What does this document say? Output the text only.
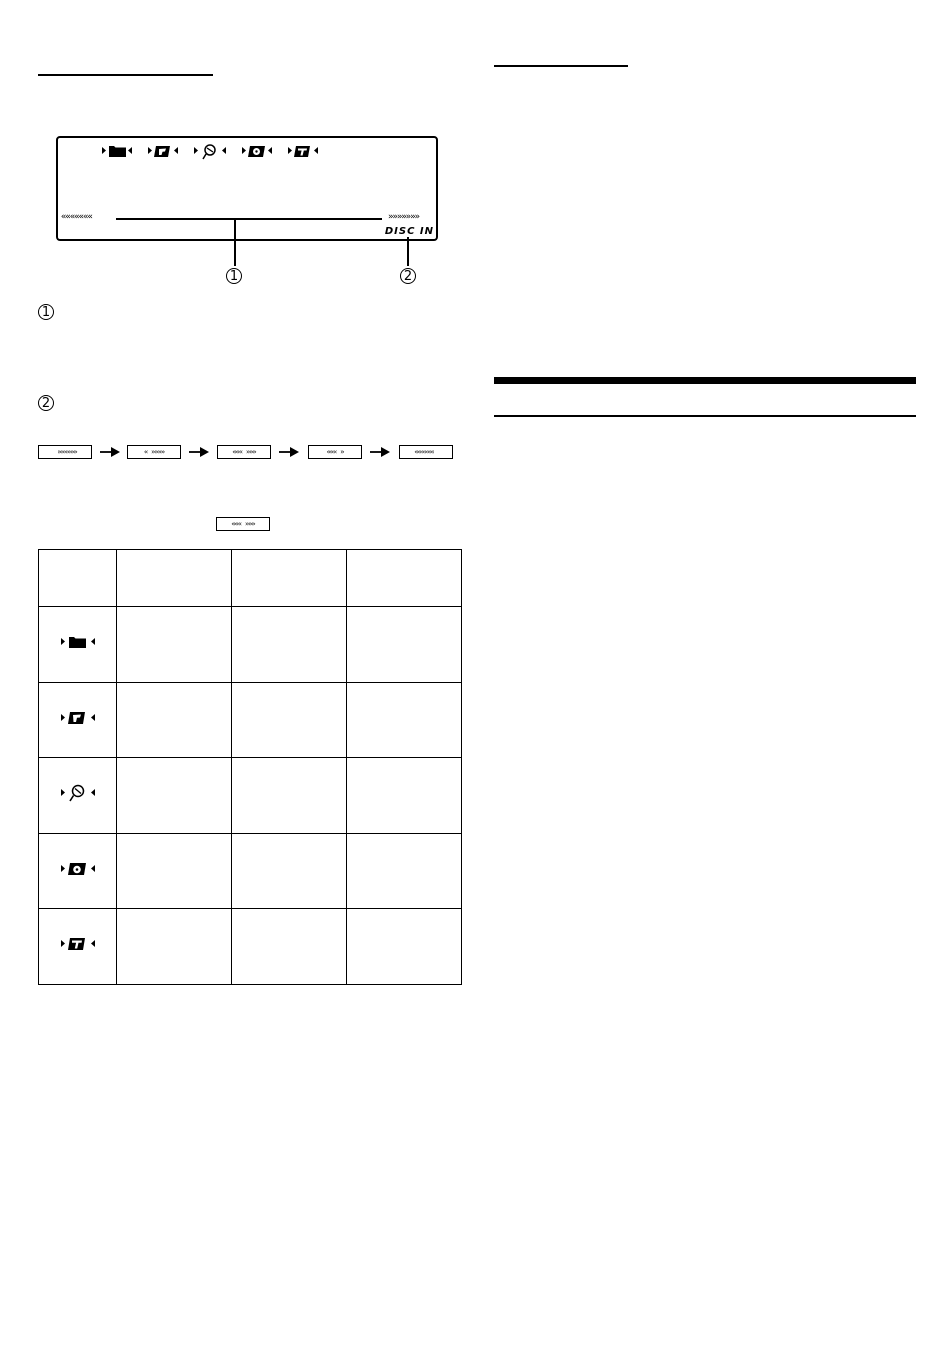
«««««««	»»»»»»»
DISC IN
1	2
1
2
»»»»»»	« »»»»	««« »»»	««« »	««««««
««« »»»
